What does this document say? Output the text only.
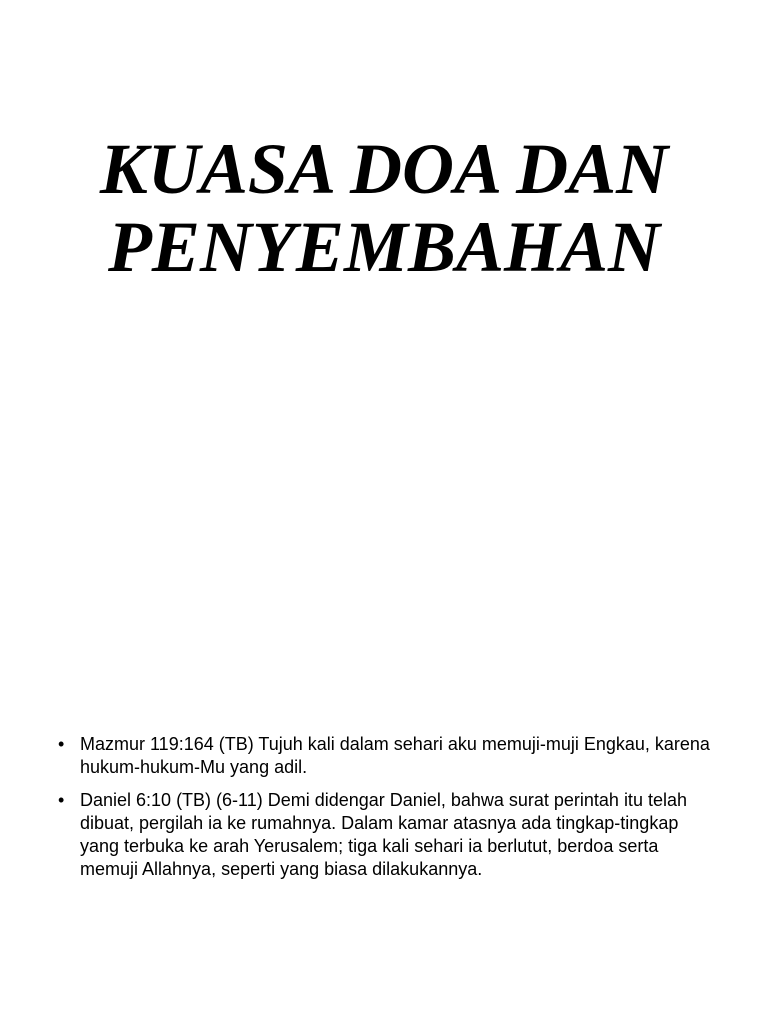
KUASA DOA DAN
PENYEMBAHAN
• Mazmur 119:164 (TB) Tujuh kali dalam sehari aku memuji-muji Engkau, karena hukum-hukum-Mu yang adil.
• Daniel 6:10 (TB) (6-11) Demi didengar Daniel, bahwa surat perintah itu telah dibuat, pergilah ia ke rumahnya. Dalam kamar atasnya ada tingkap-tingkap yang terbuka ke arah Yerusalem; tiga kali sehari ia berlutut, berdoa serta memuji Allahnya, seperti yang biasa dilakukannya.
